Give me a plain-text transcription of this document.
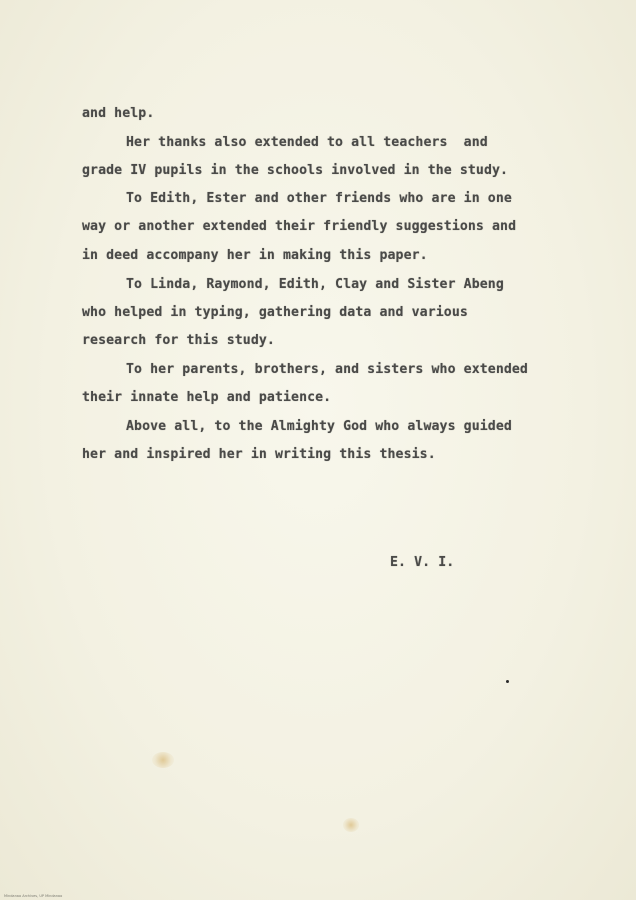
and help.
Her thanks also extended to all teachers  and
grade IV pupils in the schools involved in the study.
To Edith, Ester and other friends who are in one
way or another extended their friendly suggestions and
in deed accompany her in making this paper.
To Linda, Raymond, Edith, Clay and Sister Abeng
who helped in typing, gathering data and various
research for this study.
To her parents, brothers, and sisters who extended
their innate help and patience.
Above all, to the Almighty God who always guided
her and inspired her in writing this thesis.
E. V. I.
Mindanao Archives, UP Mindanao
